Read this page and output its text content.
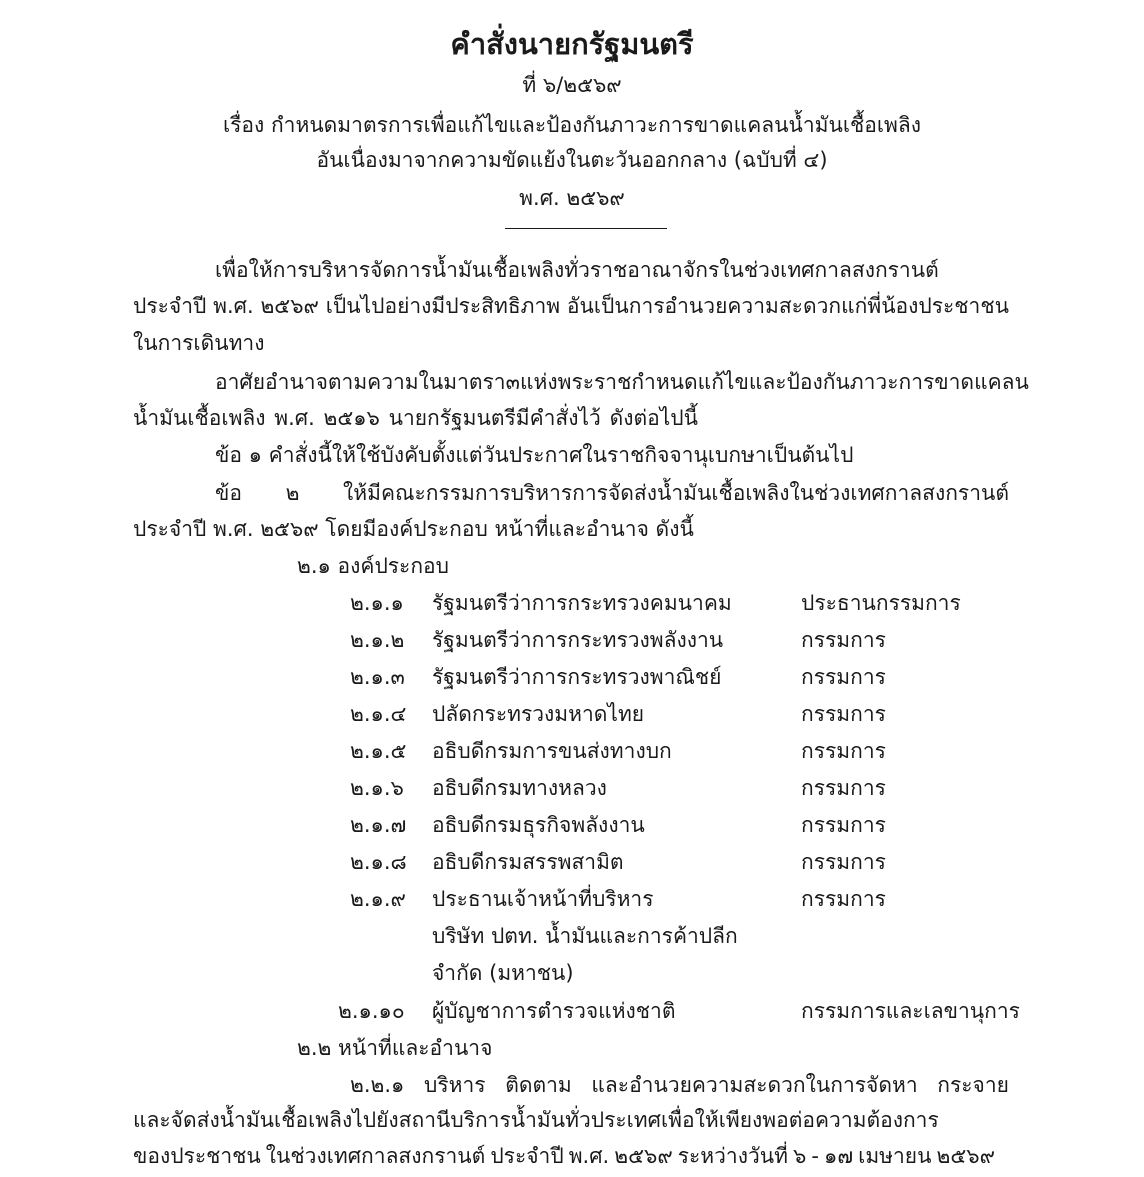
คำสั่งนายกรัฐมนตรี
ที่ ๖/๒๕๖๙
เรื่อง กำหนดมาตรการเพื่อแก้ไขและป้องกันภาวะการขาดแคลนน้ำมันเชื้อเพลิง
อันเนื่องมาจากความขัดแย้งในตะวันออกกลาง (ฉบับที่ ๔)
พ.ศ. ๒๕๖๙
เพื่อให้การบริหารจัดการน้ำมันเชื้อเพลิงทั่วราชอาณาจักรในช่วงเทศกาลสงกรานต์
ประจำปี พ.ศ. ๒๕๖๙ เป็นไปอย่างมีประสิทธิภาพ อันเป็นการอำนวยความสะดวกแก่พี่น้องประชาชน
ในการเดินทาง
อาศัยอำนาจตามความในมาตรา ๓ แห่งพระราชกำหนดแก้ไขและป้องกันภาวะการขาดแคลน
น้ำมันเชื้อเพลิง พ.ศ. ๒๕๑๖ นายกรัฐมนตรีมีคำสั่งไว้ ดังต่อไปนี้
ข้อ ๑ คำสั่งนี้ให้ใช้บังคับตั้งแต่วันประกาศในราชกิจจานุเบกษาเป็นต้นไป
ข้อ ๒ ให้มีคณะกรรมการบริหารการจัดส่งน้ำมันเชื้อเพลิงในช่วงเทศกาลสงกรานต์
ประจำปี พ.ศ. ๒๕๖๙ โดยมีองค์ประกอบ หน้าที่และอำนาจ ดังนี้
๒.๑ องค์ประกอบ
๒.๑.๑ รัฐมนตรีว่าการกระทรวงคมนาคม	ประธานกรรมการ
๒.๑.๒ รัฐมนตรีว่าการกระทรวงพลังงาน	กรรมการ
๒.๑.๓ รัฐมนตรีว่าการกระทรวงพาณิชย์	กรรมการ
๒.๑.๔ ปลัดกระทรวงมหาดไทย	กรรมการ
๒.๑.๕ อธิบดีกรมการขนส่งทางบก	กรรมการ
๒.๑.๖ อธิบดีกรมทางหลวง	กรรมการ
๒.๑.๗ อธิบดีกรมธุรกิจพลังงาน	กรรมการ
๒.๑.๘ อธิบดีกรมสรรพสามิต	กรรมการ
๒.๑.๙ ประธานเจ้าหน้าที่บริหาร	กรรมการ
บริษัท ปตท. น้ำมันและการค้าปลีก
จำกัด (มหาชน)
๒.๑.๑๐ ผู้บัญชาการตำรวจแห่งชาติ	กรรมการและเลขานุการ
๒.๒ หน้าที่และอำนาจ
๒.๒.๑ บริหาร ติดตาม และอำนวยความสะดวกในการจัดหา กระจาย
และจัดส่งน้ำมันเชื้อเพลิงไปยังสถานีบริการน้ำมันทั่วประเทศเพื่อให้เพียงพอต่อความต้องการ
ของประชาชน ในช่วงเทศกาลสงกรานต์ ประจำปี พ.ศ. ๒๕๖๙ ระหว่างวันที่ ๖ - ๑๗ เมษายน ๒๕๖๙
